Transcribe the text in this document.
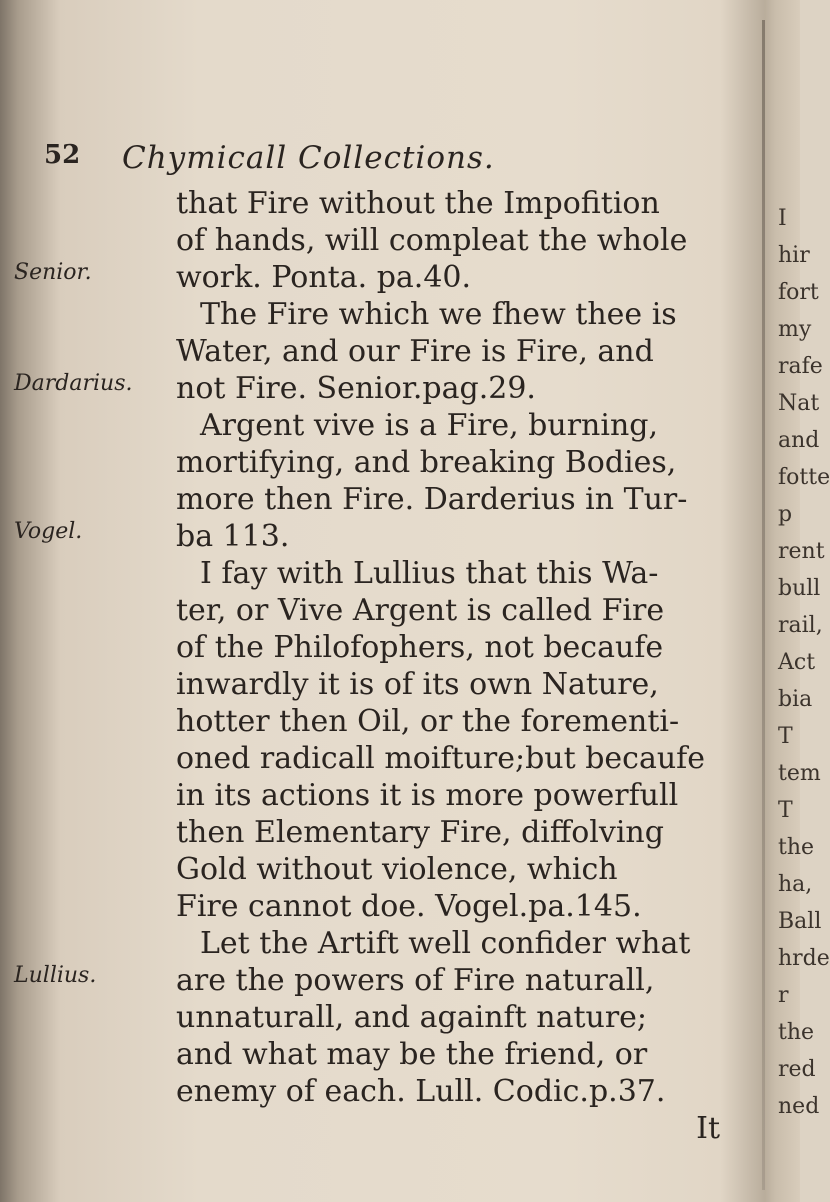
52 Chymicall Collections.
Senior.
Dardarius.
Vogel.
Lullius.
that Fire without the Impofition
of hands, will compleat the whole
work. Ponta. pa.40.
The Fire which we fhew thee is
Water, and our Fire is Fire, and
not Fire. Senior.pag.29.
Argent vive is a Fire, burning,
mortifying, and breaking Bodies,
more then Fire. Darderius in Tur-
ba 113.
I fay with Lullius that this Wa-
ter, or Vive Argent is called Fire
of the Philofophers, not becaufe
inwardly it is of its own Nature,
hotter then Oil, or the forementi-
oned radicall moifture;but becaufe
in its actions it is more powerfull
then Elementary Fire, diffolving
Gold without violence, which
Fire cannot doe. Vogel.pa.145.
Let the Artift well confider what
are the powers of Fire naturall,
unnaturall, and againft nature;
and what may be the friend, or
enemy of each. Lull. Codic.p.37.
It
I
hir
fort
my
rafe
Nat
and
fotte
p
rent
bull
rail,
Act
bia
T
tem
T
the
ha,
Ball
hrde
r
the
red
ned
